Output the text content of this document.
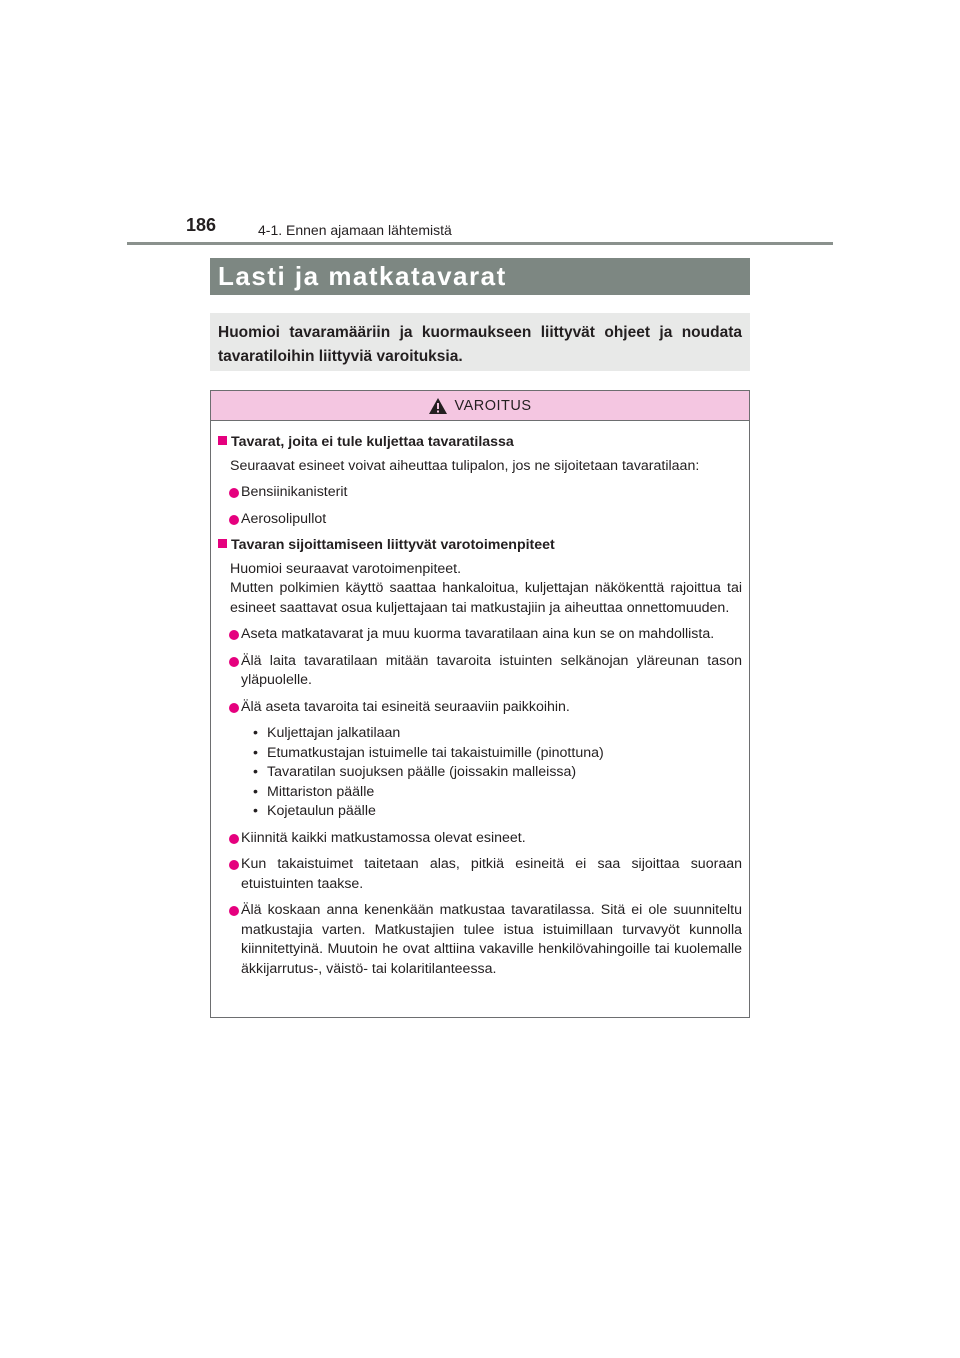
186	4-1. Ennen ajamaan lähtemistä
Lasti ja matkatavarat
Huomioi tavaramääriin ja kuormaukseen liittyvät ohjeet ja noudata tavaratiloihin liittyviä varoituksia.
VAROITUS
Tavarat, joita ei tule kuljettaa tavaratilassa
Seuraavat esineet voivat aiheuttaa tulipalon, jos ne sijoitetaan tavaratilaan:
Bensiinikanisterit
Aerosolipullot
Tavaran sijoittamiseen liittyvät varotoimenpiteet
Huomioi seuraavat varotoimenpiteet.
Mutten polkimien käyttö saattaa hankaloitua, kuljettajan näkökenttä rajoittua tai esineet saattavat osua kuljettajaan tai matkustajiin ja aiheuttaa onnettomuuden.
Aseta matkatavarat ja muu kuorma tavaratilaan aina kun se on mahdollista.
Älä laita tavaratilaan mitään tavaroita istuinten selkänojan yläreunan tason yläpuolelle.
Älä aseta tavaroita tai esineitä seuraaviin paikkoihin.
• Kuljettajan jalkatilaan
• Etumatkustajan istuimelle tai takaistuimille (pinottuna)
• Tavaratilan suojuksen päälle (joissakin malleissa)
• Mittariston päälle
• Kojetaulun päälle
Kiinnitä kaikki matkustamossa olevat esineet.
Kun takaistuimet taitetaan alas, pitkiä esineitä ei saa sijoittaa suoraan etuistuinten taakse.
Älä koskaan anna kenenkään matkustaa tavaratilassa. Sitä ei ole suunniteltu matkustajia varten. Matkustajien tulee istua istuimillaan turvavyöt kunnolla kiinnitettyinä. Muutoin he ovat alttiina vakaville henkilövahingoille tai kuolemalle äkkijarrutus-, väistö- tai kolaritilanteessa.
